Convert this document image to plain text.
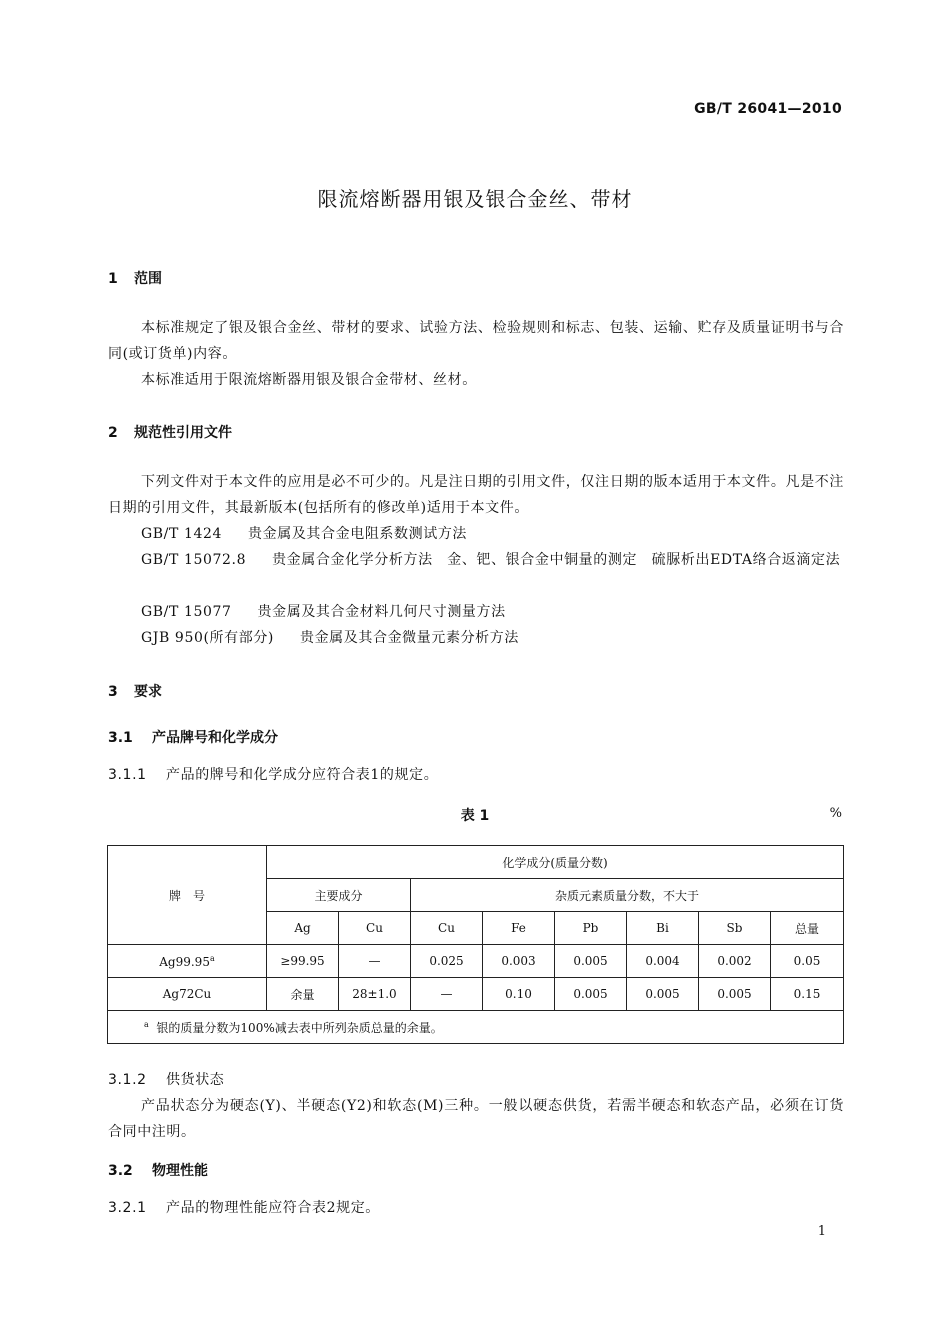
GB/T 26041—2010
限流熔断器用银及银合金丝、带材
1 范围
本标准规定了银及银合金丝、带材的要求、试验方法、检验规则和标志、包装、运输、贮存及质量证明书与合同(或订货单)内容。
本标准适用于限流熔断器用银及银合金带材、丝材。
2 规范性引用文件
下列文件对于本文件的应用是必不可少的。凡是注日期的引用文件，仅注日期的版本适用于本文件。凡是不注日期的引用文件，其最新版本(包括所有的修改单)适用于本文件。
GB/T 1424 贵金属及其合金电阻系数测试方法
GB/T 15072.8 贵金属合金化学分析方法　金、钯、银合金中铜量的测定　硫脲析出EDTA络合返滴定法
GB/T 15077 贵金属及其合金材料几何尺寸测量方法
GJB 950(所有部分) 贵金属及其合金微量元素分析方法
3 要求
3.1 产品牌号和化学成分
3.1.1 产品的牌号和化学成分应符合表1的规定。
表 1	%
牌　号	化学成分(质量分数)							
	主要成分		杂质元素质量分数，不大于					
	Ag	Cu	Cu	Fe	Pb	Bi	Sb	总量
Ag99.95$^a$	≥99.95	—	0.025	0.003	0.005	0.004	0.002	0.05
Ag72Cu	余量	28±1.0	—	0.10	0.005	0.005	0.005	0.15
$^a$ 银的质量分数为100%减去表中所列杂质总量的余量。								
3.1.2 供货状态
产品状态分为硬态(Y)、半硬态(Y2)和软态(M)三种。一般以硬态供货，若需半硬态和软态产品，必须在订货合同中注明。
3.2 物理性能
3.2.1 产品的物理性能应符合表2规定。
1
